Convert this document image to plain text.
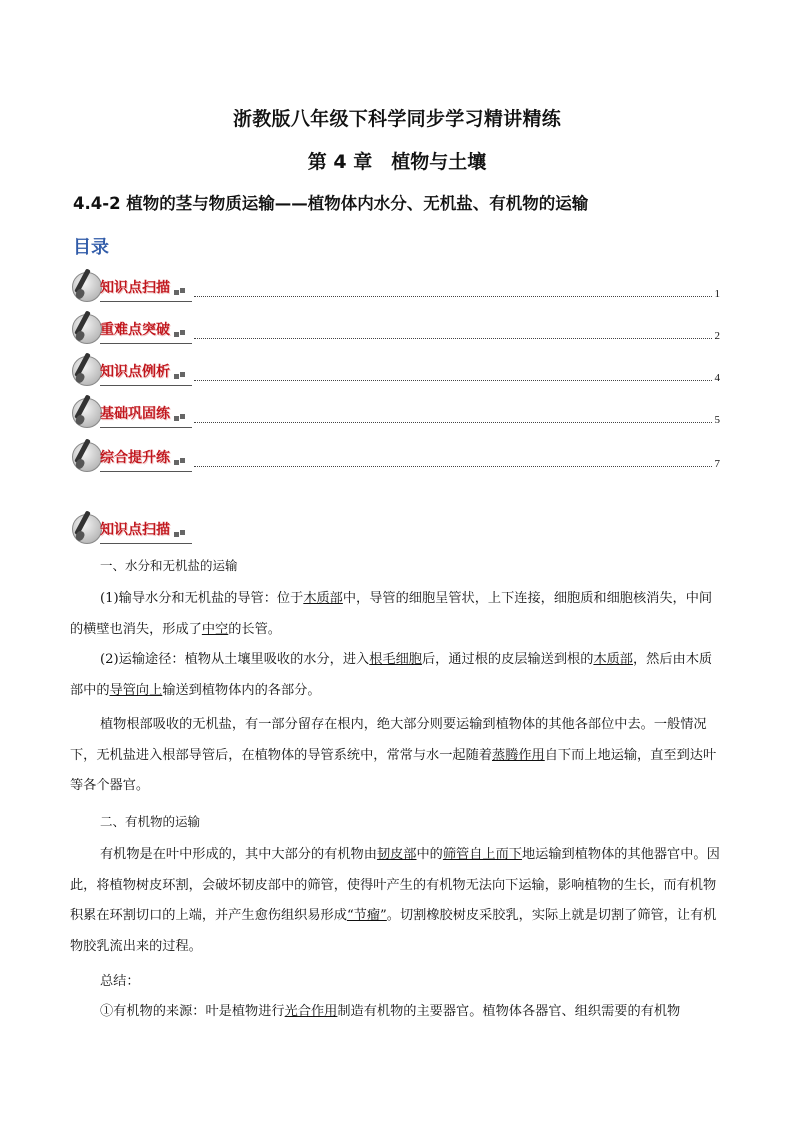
浙教版八年级下科学同步学习精讲精练
第 4 章　植物与土壤
4.4-2 植物的茎与物质运输——植物体内水分、无机盐、有机物的运输
目录
知识点扫描	1
重难点突破	2
知识点例析	4
基础巩固练	5
综合提升练	7
知识点扫描
一、水分和无机盐的运输
(1)输导水分和无机盐的导管：位于木质部中，导管的细胞呈管状，上下连接，细胞质和细胞核消失，中间的横壁也消失，形成了中空的长管。
(2)运输途径：植物从土壤里吸收的水分，进入根毛细胞后，通过根的皮层输送到根的木质部，然后由木质部中的导管向上输送到植物体内的各部分。
植物根部吸收的无机盐，有一部分留存在根内，绝大部分则要运输到植物体的其他各部位中去。一般情况下，无机盐进入根部导管后，在植物体的导管系统中，常常与水一起随着蒸腾作用自下而上地运输，直至到达叶等各个器官。
二、有机物的运输
有机物是在叶中形成的，其中大部分的有机物由韧皮部中的筛管自上而下地运输到植物体的其他器官中。因此，将植物树皮环割，会破坏韧皮部中的筛管，使得叶产生的有机物无法向下运输，影响植物的生长，而有机物积累在环割切口的上端，并产生愈伤组织易形成“节瘤”。切割橡胶树皮采胶乳，实际上就是切割了筛管，让有机物胶乳流出来的过程。
总结：
①有机物的来源：叶是植物进行光合作用制造有机物的主要器官。植物体各器官、组织需要的有机物
